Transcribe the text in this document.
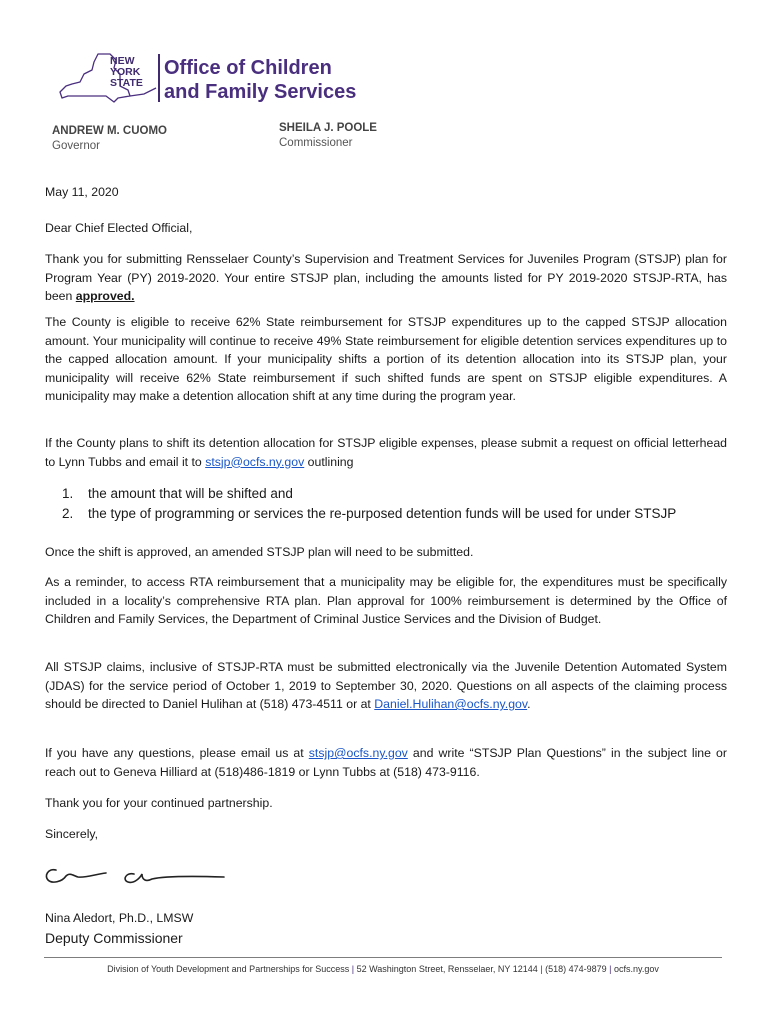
NEW
YORK
STATE
Office of Children
and Family Services
ANDREW M. CUOMO
Governor
SHEILA J. POOLE
Commissioner
May 11, 2020
Dear Chief Elected Official,
Thank you for submitting Rensselaer County’s Supervision and Treatment Services for Juveniles Program (STSJP) plan for Program Year (PY) 2019-2020. Your entire STSJP plan, including the amounts listed for PY 2019-2020 STSJP-RTA, has been approved.
The County is eligible to receive 62% State reimbursement for STSJP expenditures up to the capped STSJP allocation amount. Your municipality will continue to receive 49% State reimbursement for eligible detention services expenditures up to the capped allocation amount. If your municipality shifts a portion of its detention allocation into its STSJP plan, your municipality will receive 62% State reimbursement if such shifted funds are spent on STSJP eligible expenditures. A municipality may make a detention allocation shift at any time during the program year.
If the County plans to shift its detention allocation for STSJP eligible expenses, please submit a request on official letterhead to Lynn Tubbs and email it to stsjp@ocfs.ny.gov outlining
1.	the amount that will be shifted and
2.	the type of programming or services the re-purposed detention funds will be used for under STSJP
Once the shift is approved, an amended STSJP plan will need to be submitted.
As a reminder, to access RTA reimbursement that a municipality may be eligible for, the expenditures must be specifically included in a locality’s comprehensive RTA plan. Plan approval for 100% reimbursement is determined by the Office of Children and Family Services, the Department of Criminal Justice Services and the Division of Budget.
All STSJP claims, inclusive of STSJP-RTA must be submitted electronically via the Juvenile Detention Automated System (JDAS) for the service period of October 1, 2019 to September 30, 2020. Questions on all aspects of the claiming process should be directed to Daniel Hulihan at (518) 473-4511 or at Daniel.Hulihan@ocfs.ny.gov.
If you have any questions, please email us at stsjp@ocfs.ny.gov and write “STSJP Plan Questions” in the subject line or reach out to Geneva Hilliard at (518)486-1819 or Lynn Tubbs at (518) 473-9116.
Thank you for your continued partnership.
Sincerely,
Nina Aledort, Ph.D., LMSW
Deputy Commissioner
Division of Youth Development and Partnerships for Success | 52 Washington Street, Rensselaer, NY 12144 | (518) 474-9879 | ocfs.ny.gov
